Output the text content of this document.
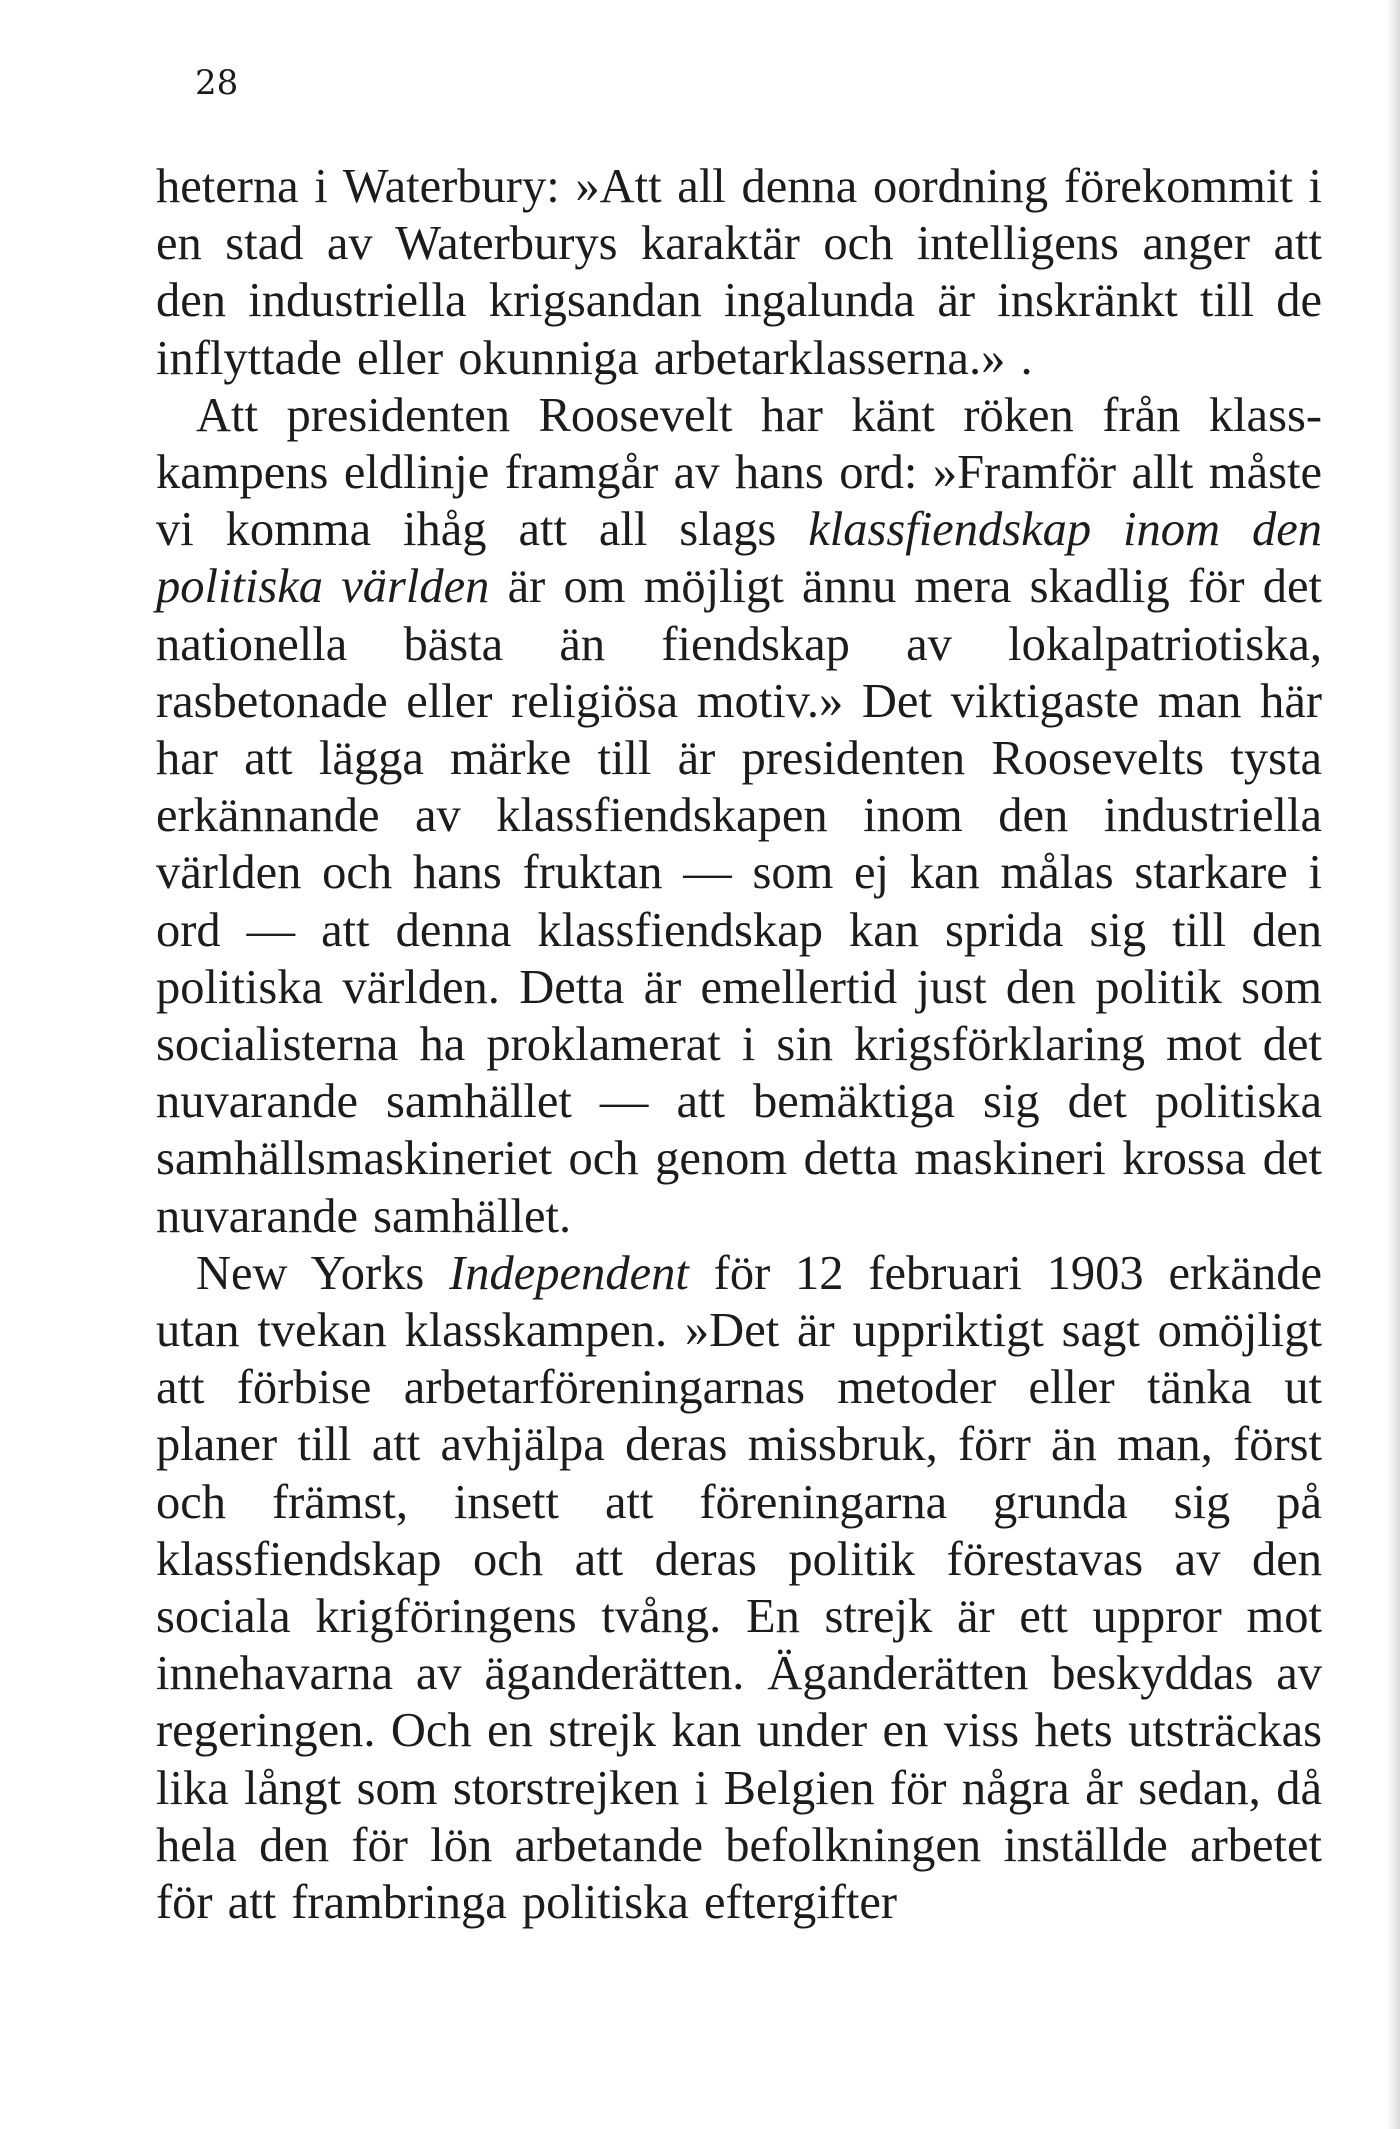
28

heterna i Waterbury: »Att all denna oordning förekommit i en stad av Waterburys karaktär och intelligens anger att den industriella krigsandan ingalunda är inskränkt till de inflyttade eller okunniga arbetarklasserna.» .

Att presidenten Roosevelt har känt röken från klasskampens eldlinje framgår av hans ord: »Framför allt måste vi komma ihåg att all slags klassfiendskap inom den politiska världen är om möjligt ännu mera skadlig för det nationella bästa än fiendskap av lokalpatriotiska, rasbetonade eller religiösa motiv.» Det viktigaste man här har att lägga märke till är presidenten Roosevelts tysta erkännande av klassfiendskapen inom den industriella världen och hans fruktan — som ej kan målas starkare i ord — att denna klassfiendskap kan sprida sig till den politiska världen. Detta är emellertid just den politik som socialisterna ha proklamerat i sin krigsförklaring mot det nuvarande samhället — att bemäktiga sig det politiska samhällsmaskineriet och genom detta maskineri krossa det nuvarande samhället.

New Yorks Independent för 12 februari 1903 erkände utan tvekan klasskampen. »Det är uppriktigt sagt omöjligt att förbise arbetarföreningarnas metoder eller tänka ut planer till att avhjälpa deras missbruk, förr än man, först och främst, insett att föreningarna grunda sig på klassfiendskap och att deras politik förestavas av den sociala krigföringens tvång. En strejk är ett uppror mot innehavarna av äganderätten. Äganderätten beskyddas av regeringen. Och en strejk kan under en viss hets utsträckas lika långt som storstrejken i Belgien för några år sedan, då hela den för lön arbetande befolkningen inställde arbetet för att frambringa politiska eftergifter
